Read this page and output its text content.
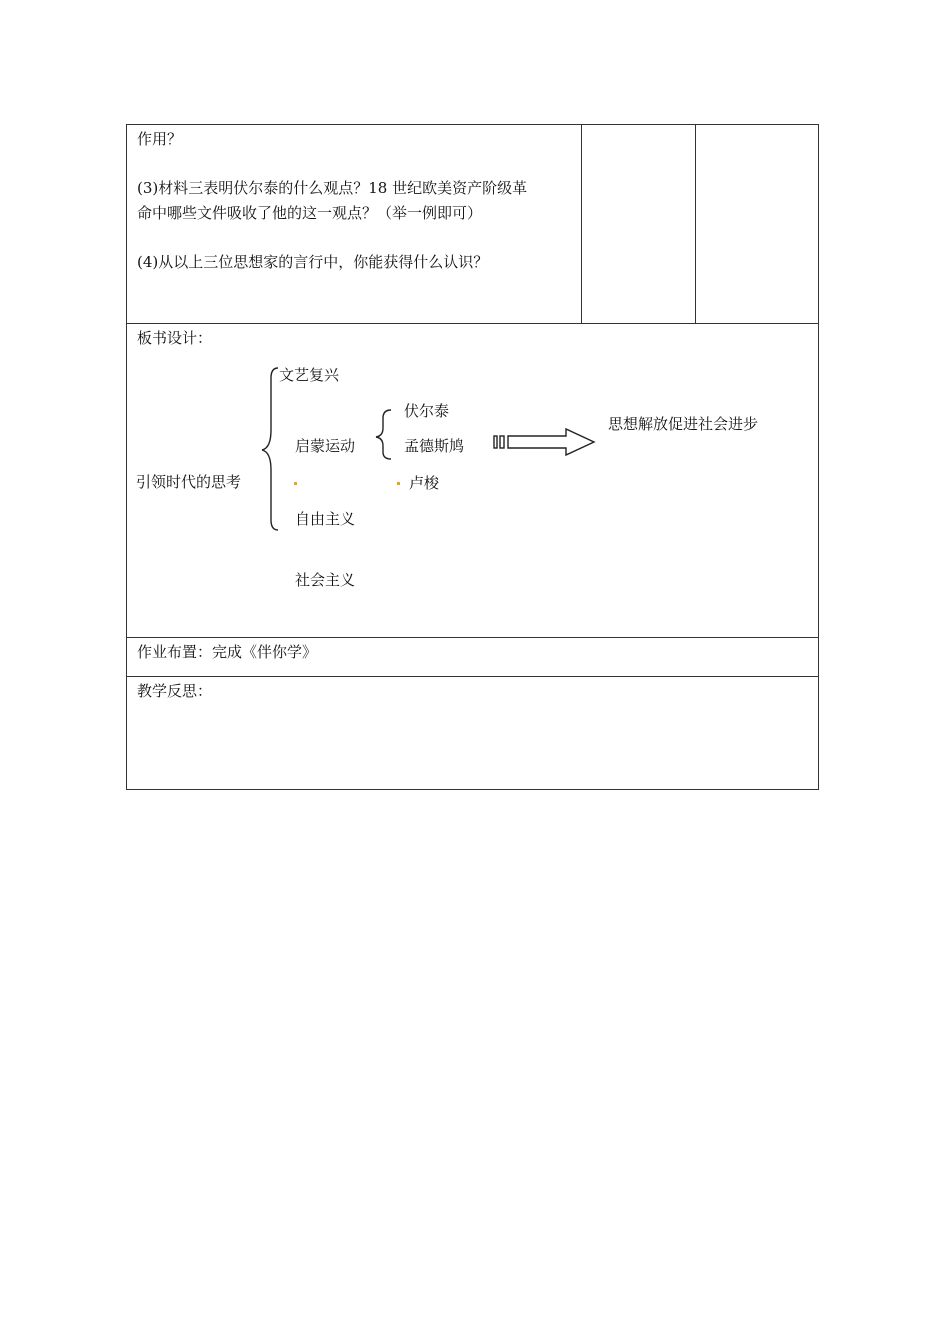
作用？
(3)材料三表明伏尔泰的什么观点？18 世纪欧美资产阶级革
命中哪些文件吸收了他的这一观点？（举一例即可）
(4)从以上三位思想家的言行中，你能获得什么认识？
板书设计：
引领时代的思考
文艺复兴
启蒙运动
自由主义
社会主义
伏尔泰
孟德斯鸠
卢梭
思想解放促进社会进步
作业布置：完成《伴你学》
教学反思：
